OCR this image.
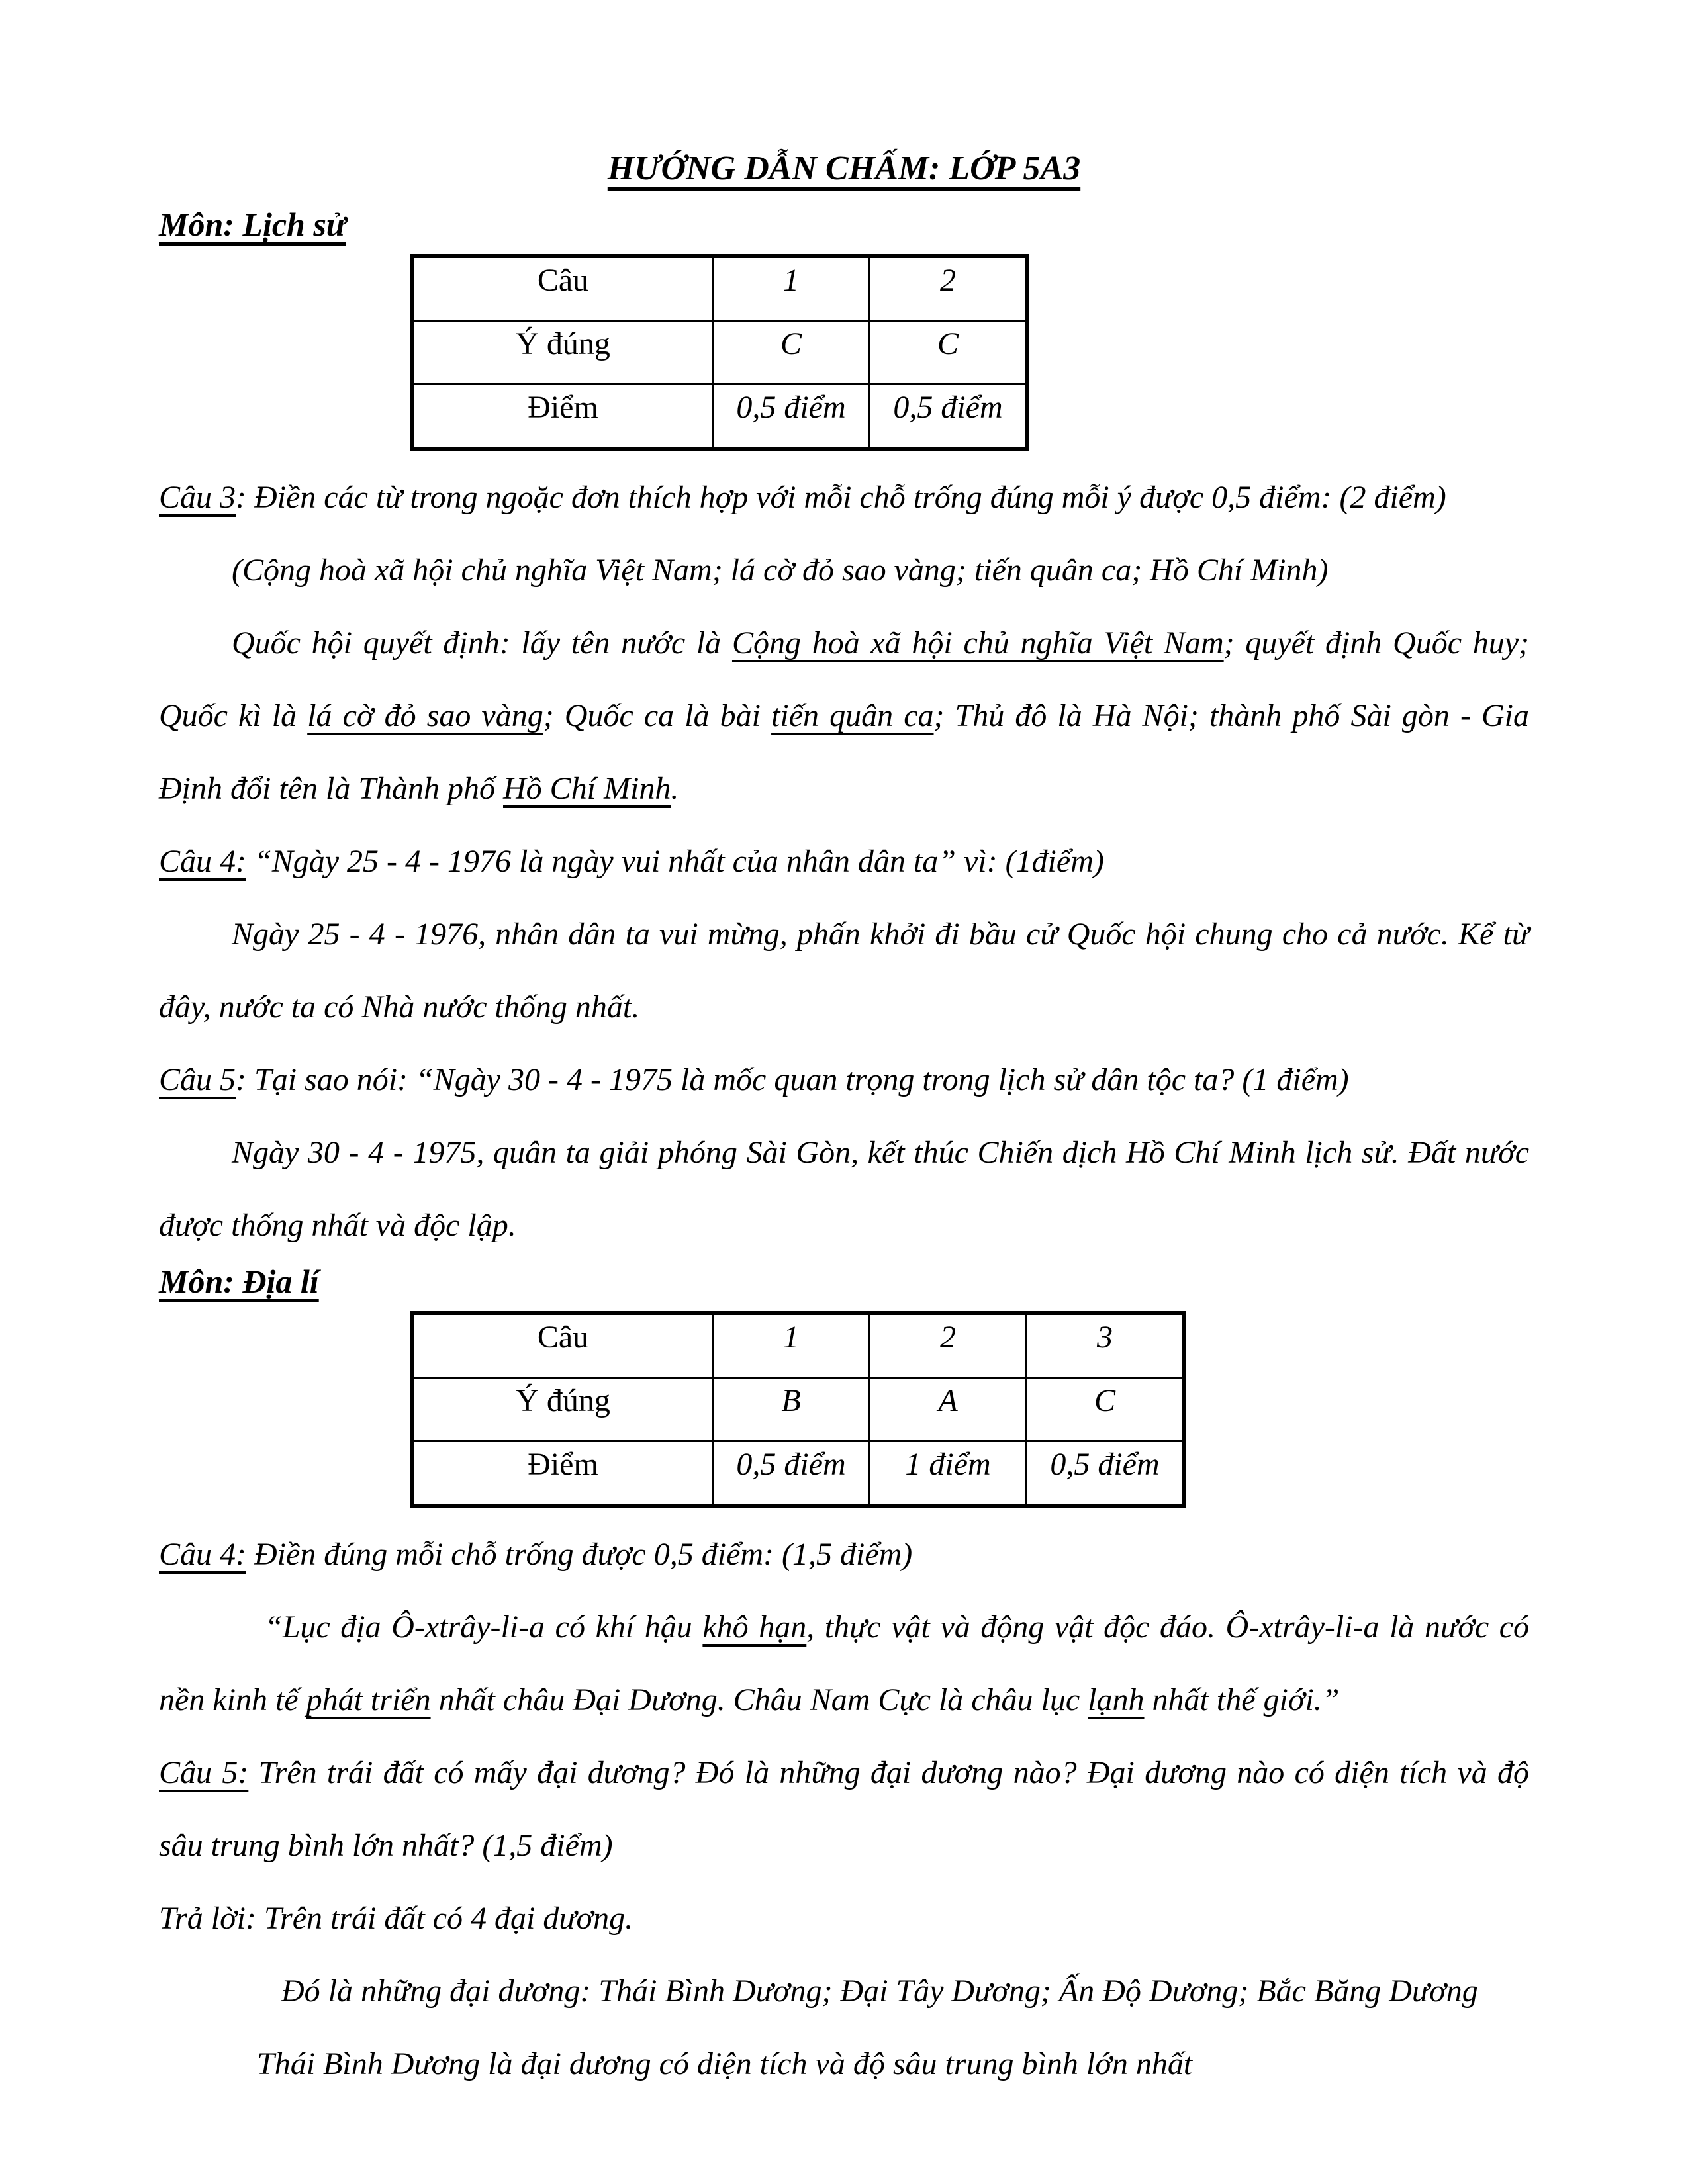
HƯỚNG DẪN CHẤM: LỚP 5A3
Môn: Lịch sử
Câu	1	2
Ý đúng	C	C
Điểm	0,5 điểm	0,5 điểm

Câu 3: Điền các từ trong ngoặc đơn thích hợp với mỗi chỗ trống đúng mỗi ý được 0,5 điểm: (2 điểm)

(Cộng hoà xã hội chủ nghĩa Việt Nam; lá cờ đỏ sao vàng; tiến quân ca; Hồ Chí Minh)

Quốc hội quyết định: lấy tên nước là Cộng hoà xã hội chủ nghĩa Việt Nam; quyết định Quốc huy; Quốc kì là lá cờ đỏ sao vàng; Quốc ca là bài tiến quân ca; Thủ đô là Hà Nội; thành phố Sài gòn - Gia Định đổi tên là Thành phố Hồ Chí Minh.

Câu 4: “Ngày 25 - 4 - 1976 là ngày vui nhất của nhân dân ta” vì: (1điểm)

Ngày 25 - 4 - 1976, nhân dân ta vui mừng, phấn khởi đi bầu cử Quốc hội chung cho cả nước. Kể từ đây, nước ta có Nhà nước thống nhất.

Câu 5: Tại sao nói: “Ngày 30 - 4 - 1975 là mốc quan trọng trong lịch sử dân tộc ta? (1 điểm)

Ngày 30 - 4 - 1975, quân ta giải phóng Sài Gòn, kết thúc Chiến dịch Hồ Chí Minh lịch sử. Đất nước được thống nhất và độc lập.

Môn: Địa lí
Câu	1	2	3
Ý đúng	B	A	C
Điểm	0,5 điểm	1 điểm	0,5 điểm

Câu 4: Điền đúng mỗi chỗ trống được 0,5 điểm: (1,5 điểm)

“Lục địa Ô-xtrây-li-a có khí hậu khô hạn, thực vật và động vật độc đáo. Ô-xtrây-li-a là nước có nền kinh tế phát triển nhất châu Đại Dương. Châu Nam Cực là châu lục lạnh nhất thế giới.”

Câu 5: Trên trái đất có mấy đại dương? Đó là những đại dương nào? Đại dương nào có diện tích và độ sâu trung bình lớn nhất? (1,5 điểm)

Trả lời: Trên trái đất có 4 đại dương.

Đó là những đại dương: Thái Bình Dương; Đại Tây Dương; Ấn Độ Dương; Bắc Băng Dương

Thái Bình Dương là đại dương có diện tích và độ sâu trung bình lớn nhất
